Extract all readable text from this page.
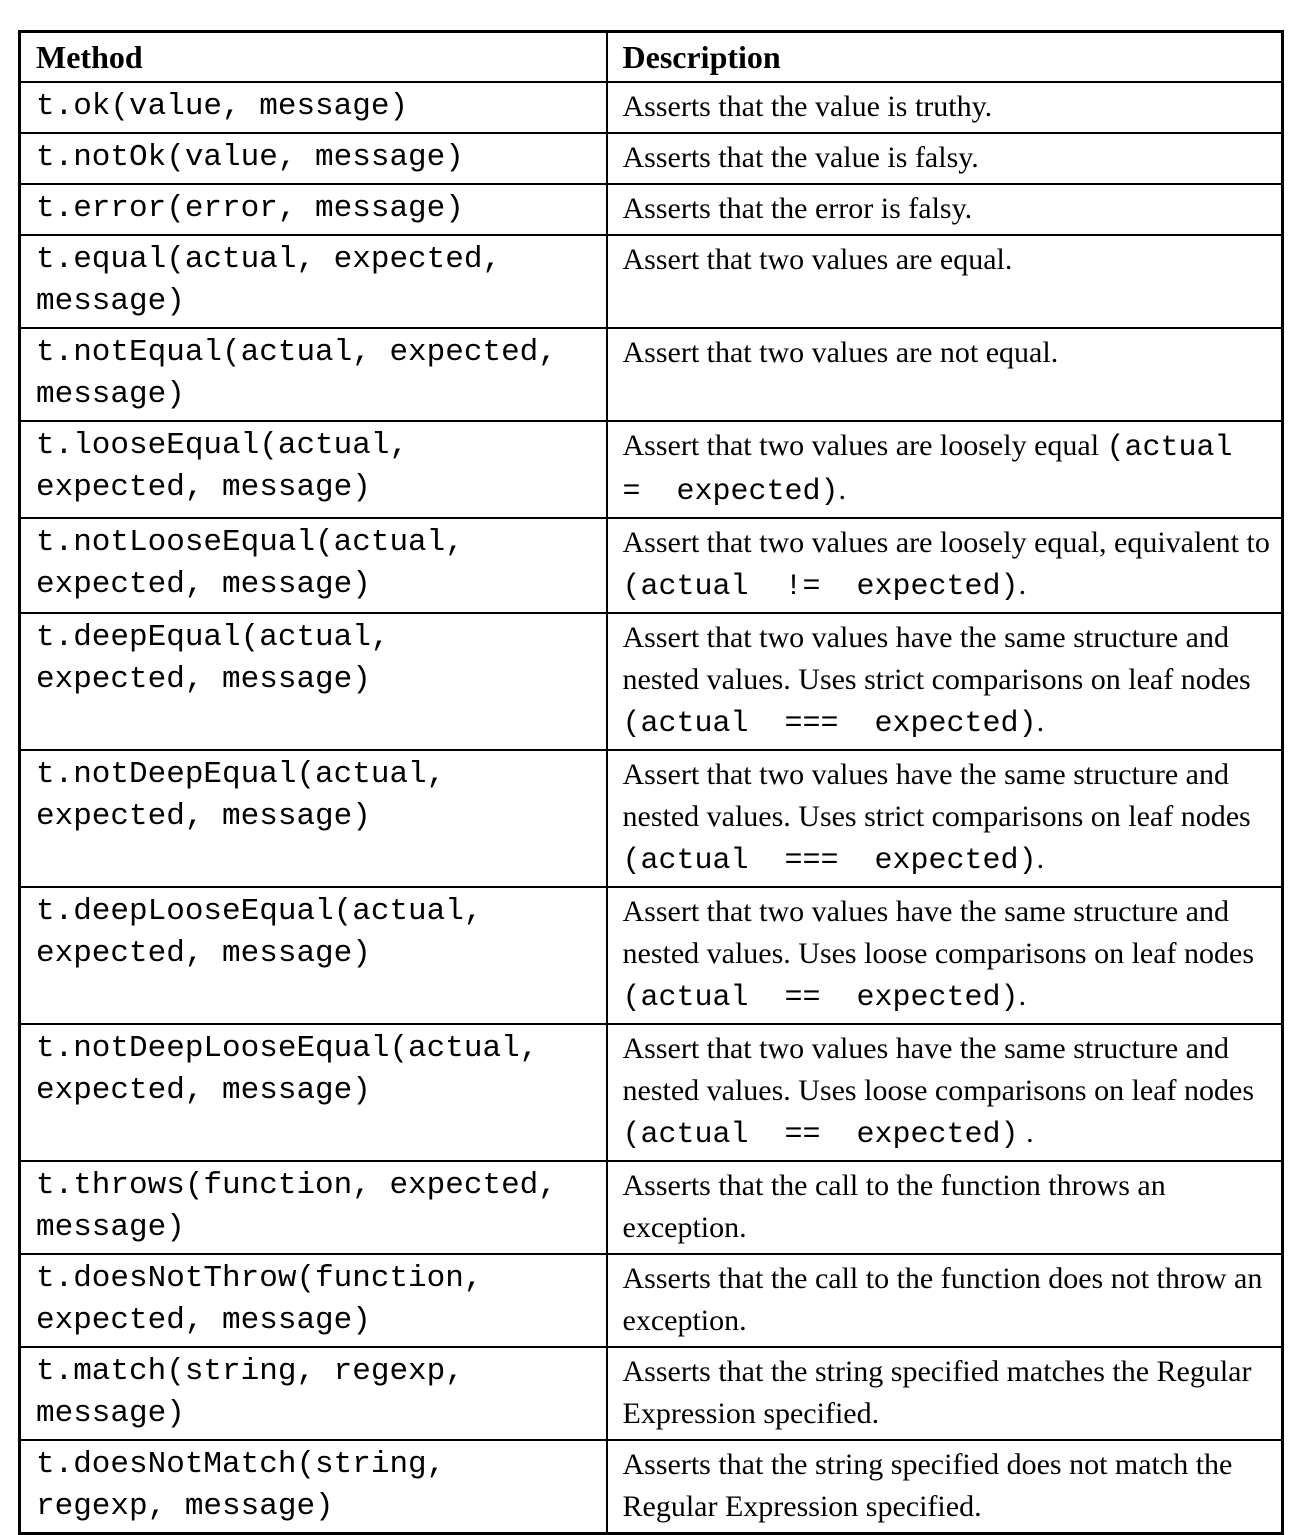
Method	Description

t.ok(value, message)	Asserts that the value is truthy.

t.notOk(value, message)	Asserts that the value is falsy.

t.error(error, message)	Asserts that the error is falsy.

t.equal(actual, expected,
message)	Assert that two values are equal.

t.notEqual(actual, expected,
message)	Assert that two values are not equal.

t.looseEqual(actual,
expected, message)	Assert that two values are loosely equal (actual  =  expected).

t.notLooseEqual(actual,
expected, message)	Assert that two values are loosely equal, equivalent to (actual  !=  expected).

t.deepEqual(actual,
expected, message)	Assert that two values have the same structure and nested values. Uses strict comparisons on leaf nodes (actual  ===  expected).

t.notDeepEqual(actual,
expected, message)	Assert that two values have the same structure and nested values. Uses strict comparisons on leaf nodes (actual  ===  expected).

t.deepLooseEqual(actual,
expected, message)	Assert that two values have the same structure and nested values. Uses loose comparisons on leaf nodes (actual  ==  expected).

t.notDeepLooseEqual(actual,
expected, message)	Assert that two values have the same structure and nested values. Uses loose comparisons on leaf nodes (actual  ==  expected) .

t.throws(function, expected,
message)	Asserts that the call to the function throws an exception.

t.doesNotThrow(function,
expected, message)	Asserts that the call to the function does not throw an exception.

t.match(string, regexp,
message)	Asserts that the string specified matches the Regular Expression specified.

t.doesNotMatch(string,
regexp, message)	Asserts that the string specified does not match the Regular Expression specified.
